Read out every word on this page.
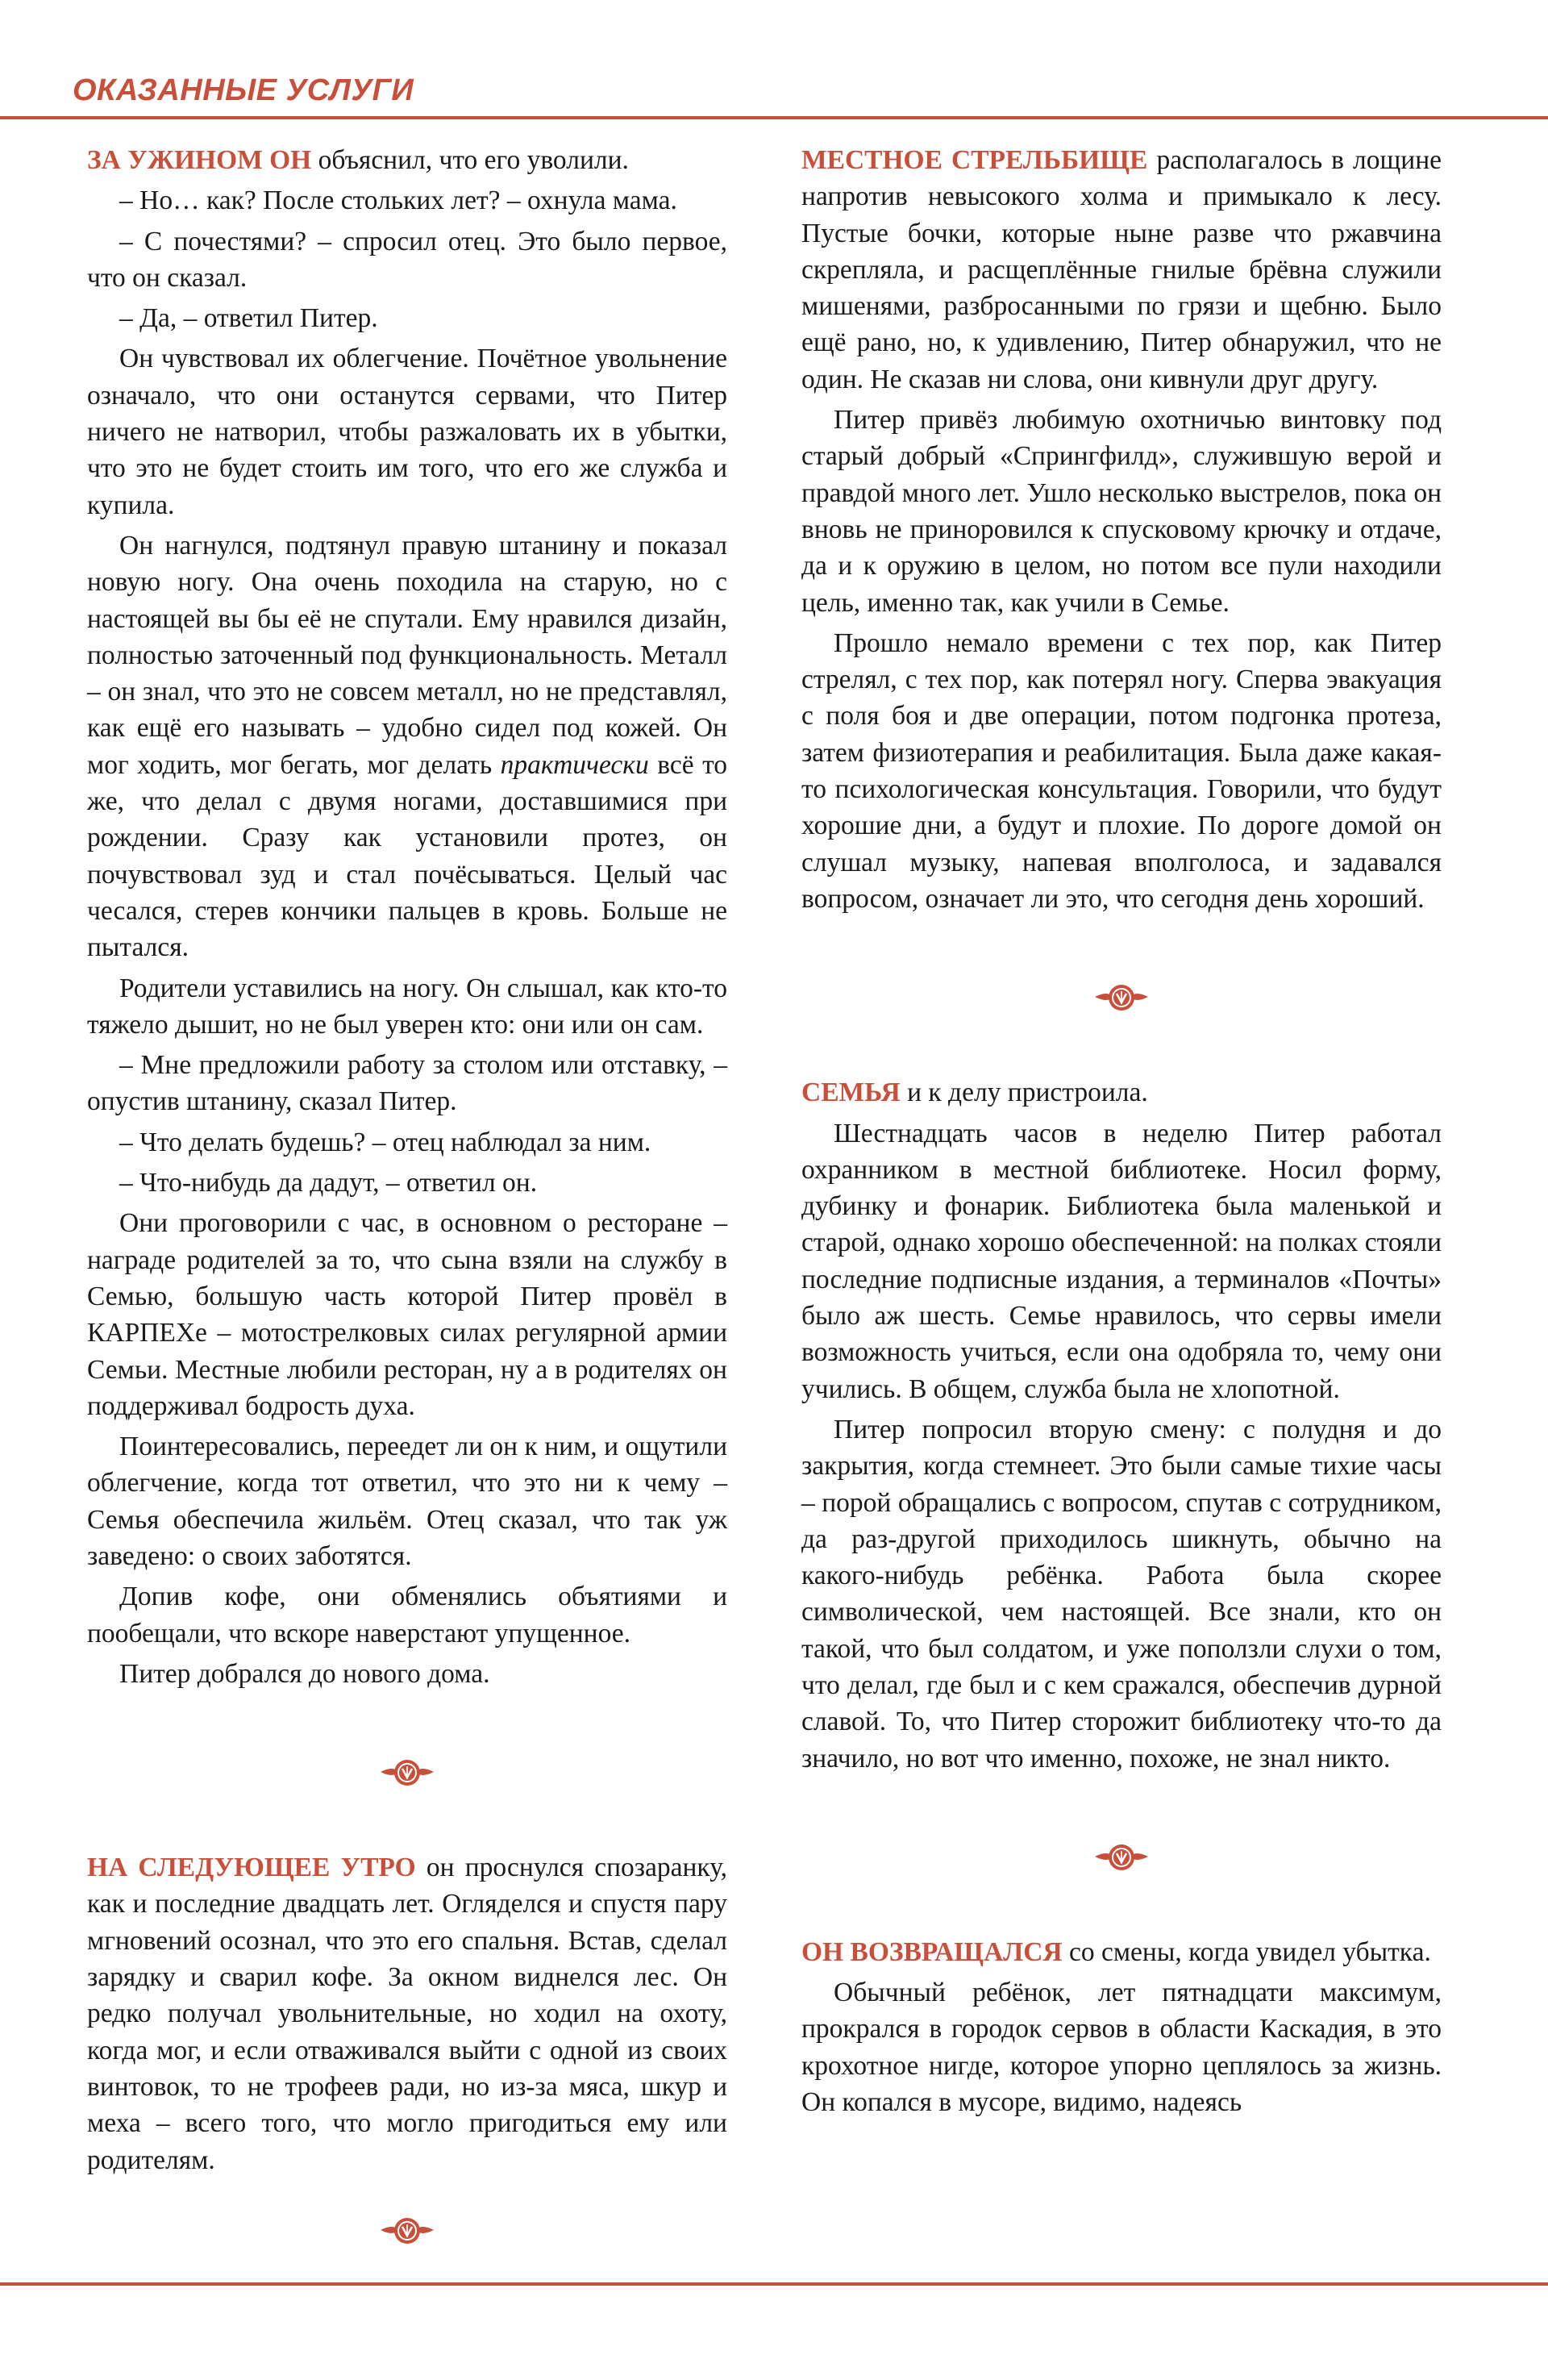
ОКАЗАННЫЕ УСЛУГИ

ЗА УЖИНОМ ОН объяснил, что его уволили.

– Но… как? После стольких лет? – охнула мама.

– С почестями? – спросил отец. Это было первое, что он сказал.

– Да, – ответил Питер.

Он чувствовал их облегчение. Почётное увольнение означало, что они останутся сервами, что Питер ничего не натворил, чтобы разжаловать их в убытки, что это не будет стоить им того, что его же служба и купила.

Он нагнулся, подтянул правую штанину и показал новую ногу. Она очень походила на старую, но с настоящей вы бы её не спутали. Ему нравился дизайн, полностью заточенный под функциональность. Металл – он знал, что это не совсем металл, но не представлял, как ещё его называть – удобно сидел под кожей. Он мог ходить, мог бегать, мог делать практически всё то же, что делал с двумя ногами, доставшимися при рождении. Сразу как установили протез, он почувствовал зуд и стал почёсываться. Целый час чесался, стерев кончики пальцев в кровь. Больше не пытался.

Родители уставились на ногу. Он слышал, как кто-то тяжело дышит, но не был уверен кто: они или он сам.

– Мне предложили работу за столом или отставку, – опустив штанину, сказал Питер.

– Что делать будешь? – отец наблюдал за ним.

– Что-нибудь да дадут, – ответил он.

Они проговорили с час, в основном о ресторане – награде родителей за то, что сына взяли на службу в Семью, большую часть которой Питер провёл в КАРПЕХе – мотострелковых силах регулярной армии Семьи. Местные любили ресторан, ну а в родителях он поддерживал бодрость духа.

Поинтересовались, переедет ли он к ним, и ощутили облегчение, когда тот ответил, что это ни к чему – Семья обеспечила жильём. Отец сказал, что так уж заведено: о своих заботятся.

Допив кофе, они обменялись объятиями и пообещали, что вскоре наверстают упущенное.

Питер добрался до нового дома.

НА СЛЕДУЮЩЕЕ УТРО он проснулся спозаранку, как и последние двадцать лет. Огляделся и спустя пару мгновений осознал, что это его спальня. Встав, сделал зарядку и сварил кофе. За окном виднелся лес. Он редко получал увольнительные, но ходил на охоту, когда мог, и если отваживался выйти с одной из своих винтовок, то не трофеев ради, но из-за мяса, шкур и меха – всего того, что могло пригодиться ему или родителям.

МЕСТНОЕ СТРЕЛЬБИЩЕ располагалось в лощине напротив невысокого холма и примыкало к лесу. Пустые бочки, которые ныне разве что ржавчина скрепляла, и расщеплённые гнилые брёвна служили мишенями, разбросанными по грязи и щебню. Было ещё рано, но, к удивлению, Питер обнаружил, что не один. Не сказав ни слова, они кивнули друг другу.

Питер привёз любимую охотничью винтовку под старый добрый «Спрингфилд», служившую верой и правдой много лет. Ушло несколько выстрелов, пока он вновь не приноровился к спусковому крючку и отдаче, да и к оружию в целом, но потом все пули находили цель, именно так, как учили в Семье.

Прошло немало времени с тех пор, как Питер стрелял, с тех пор, как потерял ногу. Сперва эвакуация с поля боя и две операции, потом подгонка протеза, затем физиотерапия и реабилитация. Была даже какая-то психологическая консультация. Говорили, что будут хорошие дни, а будут и плохие. По дороге домой он слушал музыку, напевая вполголоса, и задавался вопросом, означает ли это, что сегодня день хороший.

СЕМЬЯ и к делу пристроила.

Шестнадцать часов в неделю Питер работал охранником в местной библиотеке. Носил форму, дубинку и фонарик. Библиотека была маленькой и старой, однако хорошо обеспеченной: на полках стояли последние подписные издания, а терминалов «Почты» было аж шесть. Семье нравилось, что сервы имели возможность учиться, если она одобряла то, чему они учились. В общем, служба была не хлопотной.

Питер попросил вторую смену: с полудня и до закрытия, когда стемнеет. Это были самые тихие часы – порой обращались с вопросом, спутав с сотрудником, да раз-другой приходилось шикнуть, обычно на какого-нибудь ребёнка. Работа была скорее символической, чем настоящей. Все знали, кто он такой, что был солдатом, и уже поползли слухи о том, что делал, где был и с кем сражался, обеспечив дурной славой. То, что Питер сторожит библиотеку что-то да значило, но вот что именно, похоже, не знал никто.

ОН ВОЗВРАЩАЛСЯ со смены, когда увидел убытка.

Обычный ребёнок, лет пятнадцати максимум, прокрался в городок сервов в области Каскадия, в это крохотное нигде, которое упорно цеплялось за жизнь. Он копался в мусоре, видимо, надеясь
